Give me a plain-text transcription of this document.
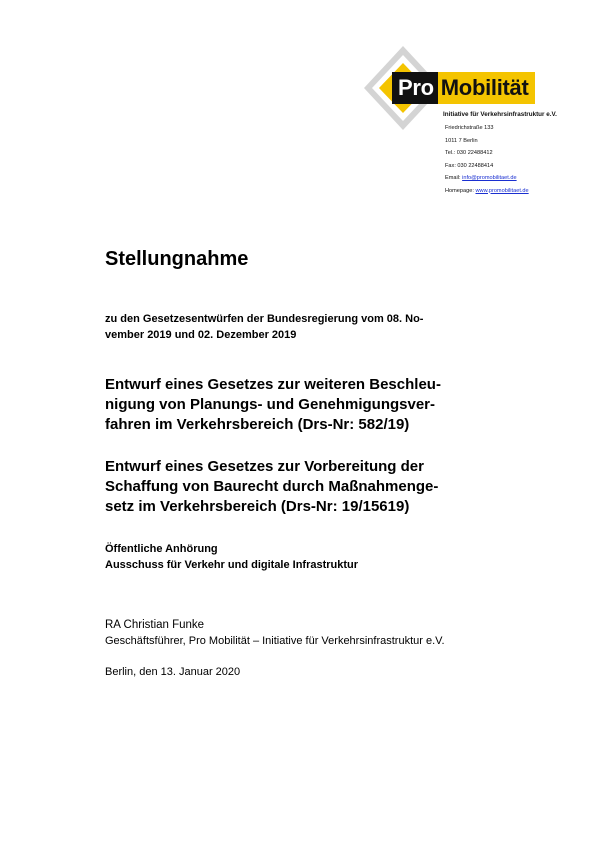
Pro Mobilität
Initiative für Verkehrsinfrastruktur e.V.
Friedrichstraße 133
1011 7 Berlin
Tel.: 030 22488412
Fax: 030 22488414
Email: info@promobilitaet.de
Homepage: www.promobilitaet.de
Stellungnahme

zu den Gesetzesentwürfen der Bundesregierung vom 08. No-
vember 2019 und 02. Dezember 2019

Entwurf eines Gesetzes zur weiteren Beschleu-
nigung von Planungs- und Genehmigungsver-
fahren im Verkehrsbereich (Drs-Nr: 582/19)
Entwurf eines Gesetzes zur Vorbereitung der
Schaffung von Baurecht durch Maßnahmenge-
setz im Verkehrsbereich (Drs-Nr: 19/15619)

Öffentliche Anhörung
Ausschuss für Verkehr und digitale Infrastruktur

RA Christian Funke
Geschäftsführer, Pro Mobilität – Initiative für Verkehrsinfrastruktur e.V.

Berlin, den 13. Januar 2020
